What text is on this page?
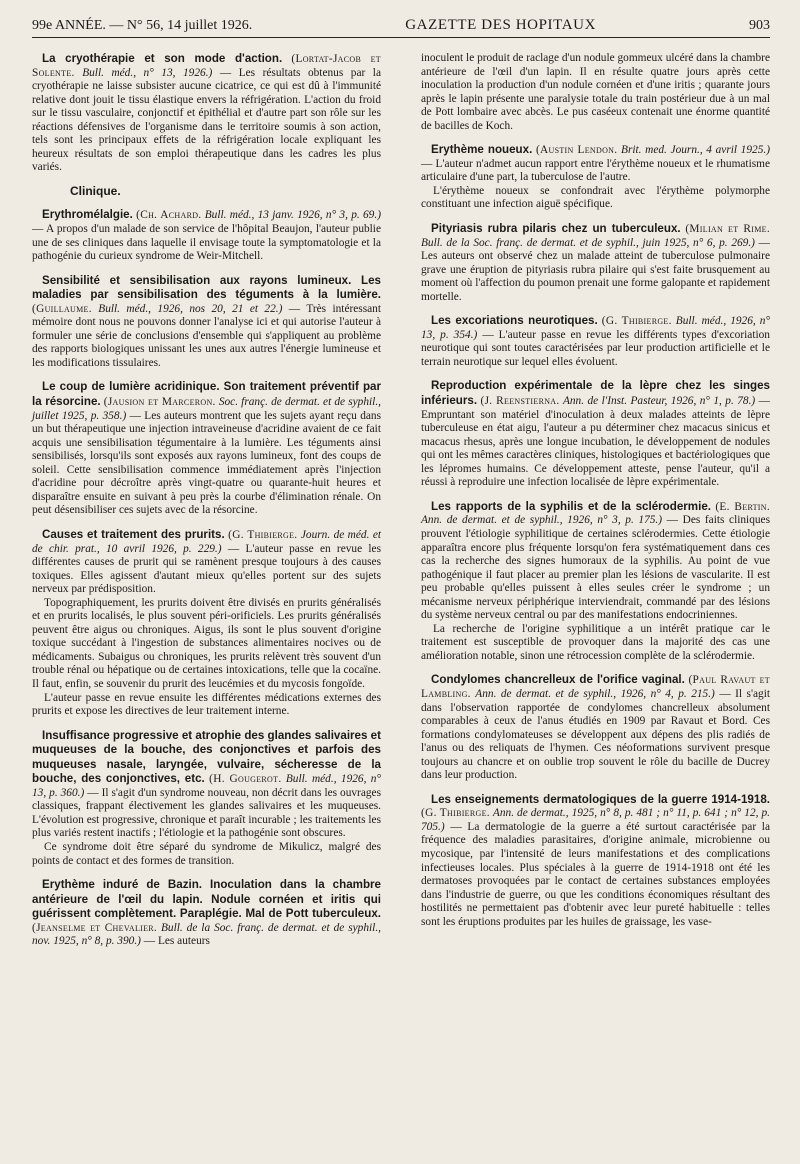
99e ANNÉE. — N° 56, 14 juillet 1926.	GAZETTE DES HOPITAUX	903

La cryothérapie et son mode d'action. (Lortat-Jacob et Solente. Bull. méd., n° 13, 1926.) — Les résultats obtenus par la cryothérapie ne laisse subsister aucune cicatrice, ce qui est dû à l'immunité relative dont jouit le tissu élastique envers la réfrigération. L'action du froid sur le tissu vasculaire, conjonctif et épithélial et d'autre part son rôle sur les réactions défensives de l'organisme dans le territoire soumis à son action, tels sont les principaux effets de la réfrigération locale expliquant les heureux résultats de son emploi thérapeutique dans les cadres les plus variés.

Clinique.

Erythromélalgie. (Ch. Achard. Bull. méd., 13 janv. 1926, n° 3, p. 69.) — A propos d'un malade de son service de l'hôpital Beaujon, l'auteur publie une de ses cliniques dans laquelle il envisage toute la symptomatologie et la pathogénie du curieux syndrome de Weir-Mitchell.

Sensibilité et sensibilisation aux rayons lumineux. Les maladies par sensibilisation des téguments à la lumière. (Guillaume. Bull. méd., 1926, nos 20, 21 et 22.) — Très intéressant mémoire dont nous ne pouvons donner l'analyse ici et qui autorise l'auteur à formuler une série de conclusions d'ensemble qui s'appliquent au problème des rapports biologiques unissant les unes aux autres l'énergie lumineuse et les modifications tissulaires.

Le coup de lumière acridinique. Son traitement préventif par la résorcine. (Jausion et Marceron. Soc. franç. de dermat. et de syphil., juillet 1925, p. 358.) — Les auteurs montrent que les sujets ayant reçu dans un but thérapeutique une injection intraveineuse d'acridine avaient de ce fait acquis une sensibilisation tégumentaire à la lumière. Les téguments ainsi sensibilisés, lorsqu'ils sont exposés aux rayons lumineux, font des coups de soleil. Cette sensibilisation commence immédiatement après l'injection d'acridine pour décroître après vingt-quatre ou quarante-huit heures et disparaître ensuite en suivant à peu près la courbe d'élimination rénale. On peut désensibiliser ces sujets avec de la résorcine.

Causes et traitement des prurits. (G. Thibierge. Journ. de méd. et de chir. prat., 10 avril 1926, p. 229.) — L'auteur passe en revue les différentes causes de prurit qui se ramènent presque toujours à des causes toxiques. Elles agissent d'autant mieux qu'elles portent sur des sujets nerveux par prédisposition.

Topographiquement, les prurits doivent être divisés en prurits généralisés et en prurits localisés, le plus souvent péri-orificiels. Les prurits généralisés peuvent être aigus ou chroniques. Aigus, ils sont le plus souvent d'origine toxique succédant à l'ingestion de substances alimentaires nocives ou de médicaments. Subaigus ou chroniques, les prurits relèvent très souvent d'un trouble rénal ou hépatique ou de certaines intoxications, telle que la cocaïne. Il faut, enfin, se souvenir du prurit des leucémies et du mycosis fongoïde.

L'auteur passe en revue ensuite les différentes médications externes des prurits et expose les directives de leur traitement interne.

Insuffisance progressive et atrophie des glandes salivaires et muqueuses de la bouche, des conjonctives et parfois des muqueuses nasale, laryngée, vulvaire, sécheresse de la bouche, des conjonctives, etc. (H. Gougerot. Bull. méd., 1926, n° 13, p. 360.) — Il s'agit d'un syndrome nouveau, non décrit dans les ouvrages classiques, frappant électivement les glandes salivaires et les muqueuses. L'évolution est progressive, chronique et paraît incurable ; les traitements les plus variés restent inactifs ; l'étiologie et la pathogénie sont obscures.

Ce syndrome doit être séparé du syndrome de Mikulicz, malgré des points de contact et des formes de transition.

Erythème induré de Bazin. Inoculation dans la chambre antérieure de l'œil du lapin. Nodule cornéen et iritis qui guérissent complètement. Paraplégie. Mal de Pott tuberculeux. (Jeanselme et Chevalier. Bull. de la Soc. franç. de dermat. et de syphil., nov. 1925, n° 8, p. 390.) — Les auteurs

inoculent le produit de raclage d'un nodule gommeux ulcéré dans la chambre antérieure de l'œil d'un lapin. Il en résulte quatre jours après cette inoculation la production d'un nodule cornéen et d'une iritis ; quarante jours après le lapin présente une paralysie totale du train postérieur due à un mal de Pott lombaire avec abcès. Le pus caséeux contenait une énorme quantité de bacilles de Koch.

Erythème noueux. (Austin Lendon. Brit. med. Journ., 4 avril 1925.) — L'auteur n'admet aucun rapport entre l'érythème noueux et le rhumatisme articulaire d'une part, la tuberculose de l'autre.

L'érythème noueux se confondrait avec l'érythème polymorphe constituant une infection aiguë spécifique.

Pityriasis rubra pilaris chez un tuberculeux. (Milian et Rime. Bull. de la Soc. franç. de dermat. et de syphil., juin 1925, n° 6, p. 269.) — Les auteurs ont observé chez un malade atteint de tuberculose pulmonaire grave une éruption de pityriasis rubra pilaire qui s'est faite brusquement au moment où l'affection du poumon prenait une forme galopante et rapidement mortelle.

Les excoriations neurotiques. (G. Thibierge. Bull. méd., 1926, n° 13, p. 354.) — L'auteur passe en revue les différents types d'excoriation neurotique qui sont toutes caractérisées par leur production artificielle et le terrain neurotique sur lequel elles évoluent.

Reproduction expérimentale de la lèpre chez les singes inférieurs. (J. Reenstierna. Ann. de l'Inst. Pasteur, 1926, n° 1, p. 78.) — Empruntant son matériel d'inoculation à deux malades atteints de lèpre tuberculeuse en état aigu, l'auteur a pu déterminer chez macacus sinicus et macacus rhesus, après une longue incubation, le développement de nodules qui ont les mêmes caractères cliniques, histologiques et bactériologiques que les lépromes humains. Ce développement atteste, pense l'auteur, qu'il a réussi à reproduire une infection localisée de lèpre expérimentale.

Les rapports de la syphilis et de la sclérodermie. (E. Bertin. Ann. de dermat. et de syphil., 1926, n° 3, p. 175.) — Des faits cliniques prouvent l'étiologie syphilitique de certaines sclérodermies. Cette étiologie apparaîtra encore plus fréquente lorsqu'on fera systématiquement dans ces cas la recherche des signes humoraux de la syphilis. Au point de vue pathogénique il faut placer au premier plan les lésions de vascularite. Il est peu probable qu'elles puissent à elles seules créer le syndrome ; un mécanisme nerveux périphérique interviendrait, commandé par des lésions du système nerveux central ou par des manifestations endocriniennes.

La recherche de l'origine syphilitique a un intérêt pratique car le traitement est susceptible de provoquer dans la majorité des cas une amélioration notable, sinon une rétrocession complète de la sclérodermie.

Condylomes chancrelleux de l'orifice vaginal. (Paul Ravaut et Lambling. Ann. de dermat. et de syphil., 1926, n° 4, p. 215.) — Il s'agit dans l'observation rapportée de condylomes chancrelleux absolument comparables à ceux de l'anus étudiés en 1909 par Ravaut et Bord. Ces formations condylomateuses se développent aux dépens des plis radiés de l'anus ou des reliquats de l'hymen. Ces néoformations survivent presque toujours au chancre et on oublie trop souvent le rôle du bacille de Ducrey dans leur production.

Les enseignements dermatologiques de la guerre 1914-1918. (G. Thibierge. Ann. de dermat., 1925, n° 8, p. 481 ; n° 11, p. 641 ; n° 12, p. 705.) — La dermatologie de la guerre a été surtout caractérisée par la fréquence des maladies parasitaires, d'origine animale, microbienne ou mycosique, par l'intensité de leurs manifestations et des complications infectieuses locales. Plus spéciales à la guerre de 1914-1918 ont été les dermatoses provoquées par le contact de certaines substances employées dans l'industrie de guerre, ou que les conditions économiques résultant des hostilités ne permettaient pas d'obtenir avec leur pureté habituelle : telles sont les éruptions produites par les huiles de graissage, les vase-
